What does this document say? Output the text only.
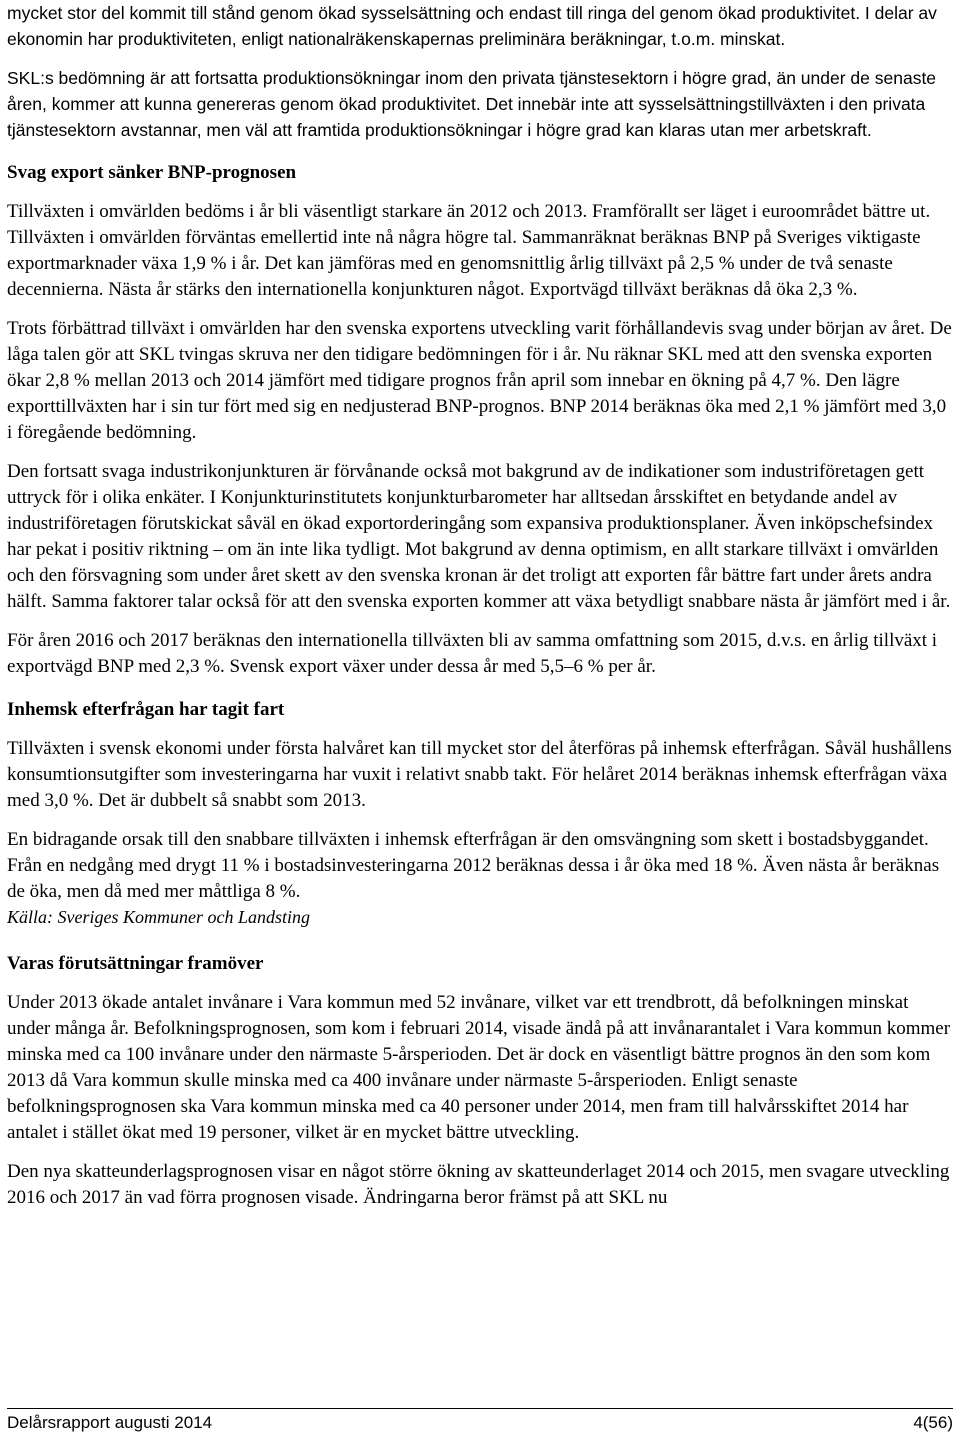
mycket stor del kommit till stånd genom ökad sysselsättning och endast till ringa del genom ökad produktivitet. I delar av ekonomin har produktiviteten, enligt nationalräkenskapernas preliminära beräkningar, t.o.m. minskat.

SKL:s bedömning är att fortsatta produktionsökningar inom den privata tjänstesektorn i högre grad, än under de senaste åren, kommer att kunna genereras genom ökad produktivitet. Det innebär inte att sysselsättningstillväxten i den privata tjänstesektorn avstannar, men väl att framtida produktionsökningar i högre grad kan klaras utan mer arbetskraft.

Svag export sänker BNP-prognosen

Tillväxten i omvärlden bedöms i år bli väsentligt starkare än 2012 och 2013. Framförallt ser läget i euroområdet bättre ut. Tillväxten i omvärlden förväntas emellertid inte nå några högre tal. Sammanräknat beräknas BNP på Sveriges viktigaste exportmarknader växa 1,9 % i år. Det kan jämföras med en genomsnittlig årlig tillväxt på 2,5 % under de två senaste decennierna. Nästa år stärks den internationella konjunkturen något. Exportvägd tillväxt beräknas då öka 2,3 %.

Trots förbättrad tillväxt i omvärlden har den svenska exportens utveckling varit förhållandevis svag under början av året. De låga talen gör att SKL tvingas skruva ner den tidigare bedömningen för i år. Nu räknar SKL med att den svenska exporten ökar 2,8 % mellan 2013 och 2014 jämfört med tidigare prognos från april som innebar en ökning på 4,7 %. Den lägre exporttillväxten har i sin tur fört med sig en nedjusterad BNP-prognos. BNP 2014 beräknas öka med 2,1 % jämfört med 3,0 i föregående bedömning.

Den fortsatt svaga industrikonjunkturen är förvånande också mot bakgrund av de indikationer som industriföretagen gett uttryck för i olika enkäter. I Konjunkturinstitutets konjunkturbarometer har alltsedan årsskiftet en betydande andel av industriföretagen förutskickat såväl en ökad exportorderingång som expansiva produktionsplaner. Även inköpschefsindex har pekat i positiv riktning – om än inte lika tydligt. Mot bakgrund av denna optimism, en allt starkare tillväxt i omvärlden och den försvagning som under året skett av den svenska kronan är det troligt att exporten får bättre fart under årets andra hälft. Samma faktorer talar också för att den svenska exporten kommer att växa betydligt snabbare nästa år jämfört med i år.

För åren 2016 och 2017 beräknas den internationella tillväxten bli av samma omfattning som 2015, d.v.s. en årlig tillväxt i exportvägd BNP med 2,3 %. Svensk export växer under dessa år med 5,5–6 % per år.

Inhemsk efterfrågan har tagit fart

Tillväxten i svensk ekonomi under första halvåret kan till mycket stor del återföras på inhemsk efterfrågan. Såväl hushållens konsumtionsutgifter som investeringarna har vuxit i relativt snabb takt. För helåret 2014 beräknas inhemsk efterfrågan växa med 3,0 %. Det är dubbelt så snabbt som 2013.

En bidragande orsak till den snabbare tillväxten i inhemsk efterfrågan är den omsvängning som skett i bostadsbyggandet. Från en nedgång med drygt 11 % i bostadsinvesteringarna 2012 beräknas dessa i år öka med 18 %. Även nästa år beräknas de öka, men då med mer måttliga 8 %.

Källa: Sveriges Kommuner och Landsting

Varas förutsättningar framöver

Under 2013 ökade antalet invånare i Vara kommun med 52 invånare, vilket var ett trendbrott, då befolkningen minskat under många år. Befolkningsprognosen, som kom i februari 2014, visade ändå på att invånarantalet i Vara kommun kommer minska med ca 100 invånare under den närmaste 5-årsperioden. Det är dock en väsentligt bättre prognos än den som kom 2013 då Vara kommun skulle minska med ca 400 invånare under närmaste 5-årsperioden. Enligt senaste befolkningsprognosen ska Vara kommun minska med ca 40 personer under 2014, men fram till halvårsskiftet 2014 har antalet i stället ökat med 19 personer, vilket är en mycket bättre utveckling.

Den nya skatteunderlagsprognosen visar en något större ökning av skatteunderlaget 2014 och 2015, men svagare utveckling 2016 och 2017 än vad förra prognosen visade. Ändringarna beror främst på att SKL nu

Delårsrapport augusti 2014	4(56)
